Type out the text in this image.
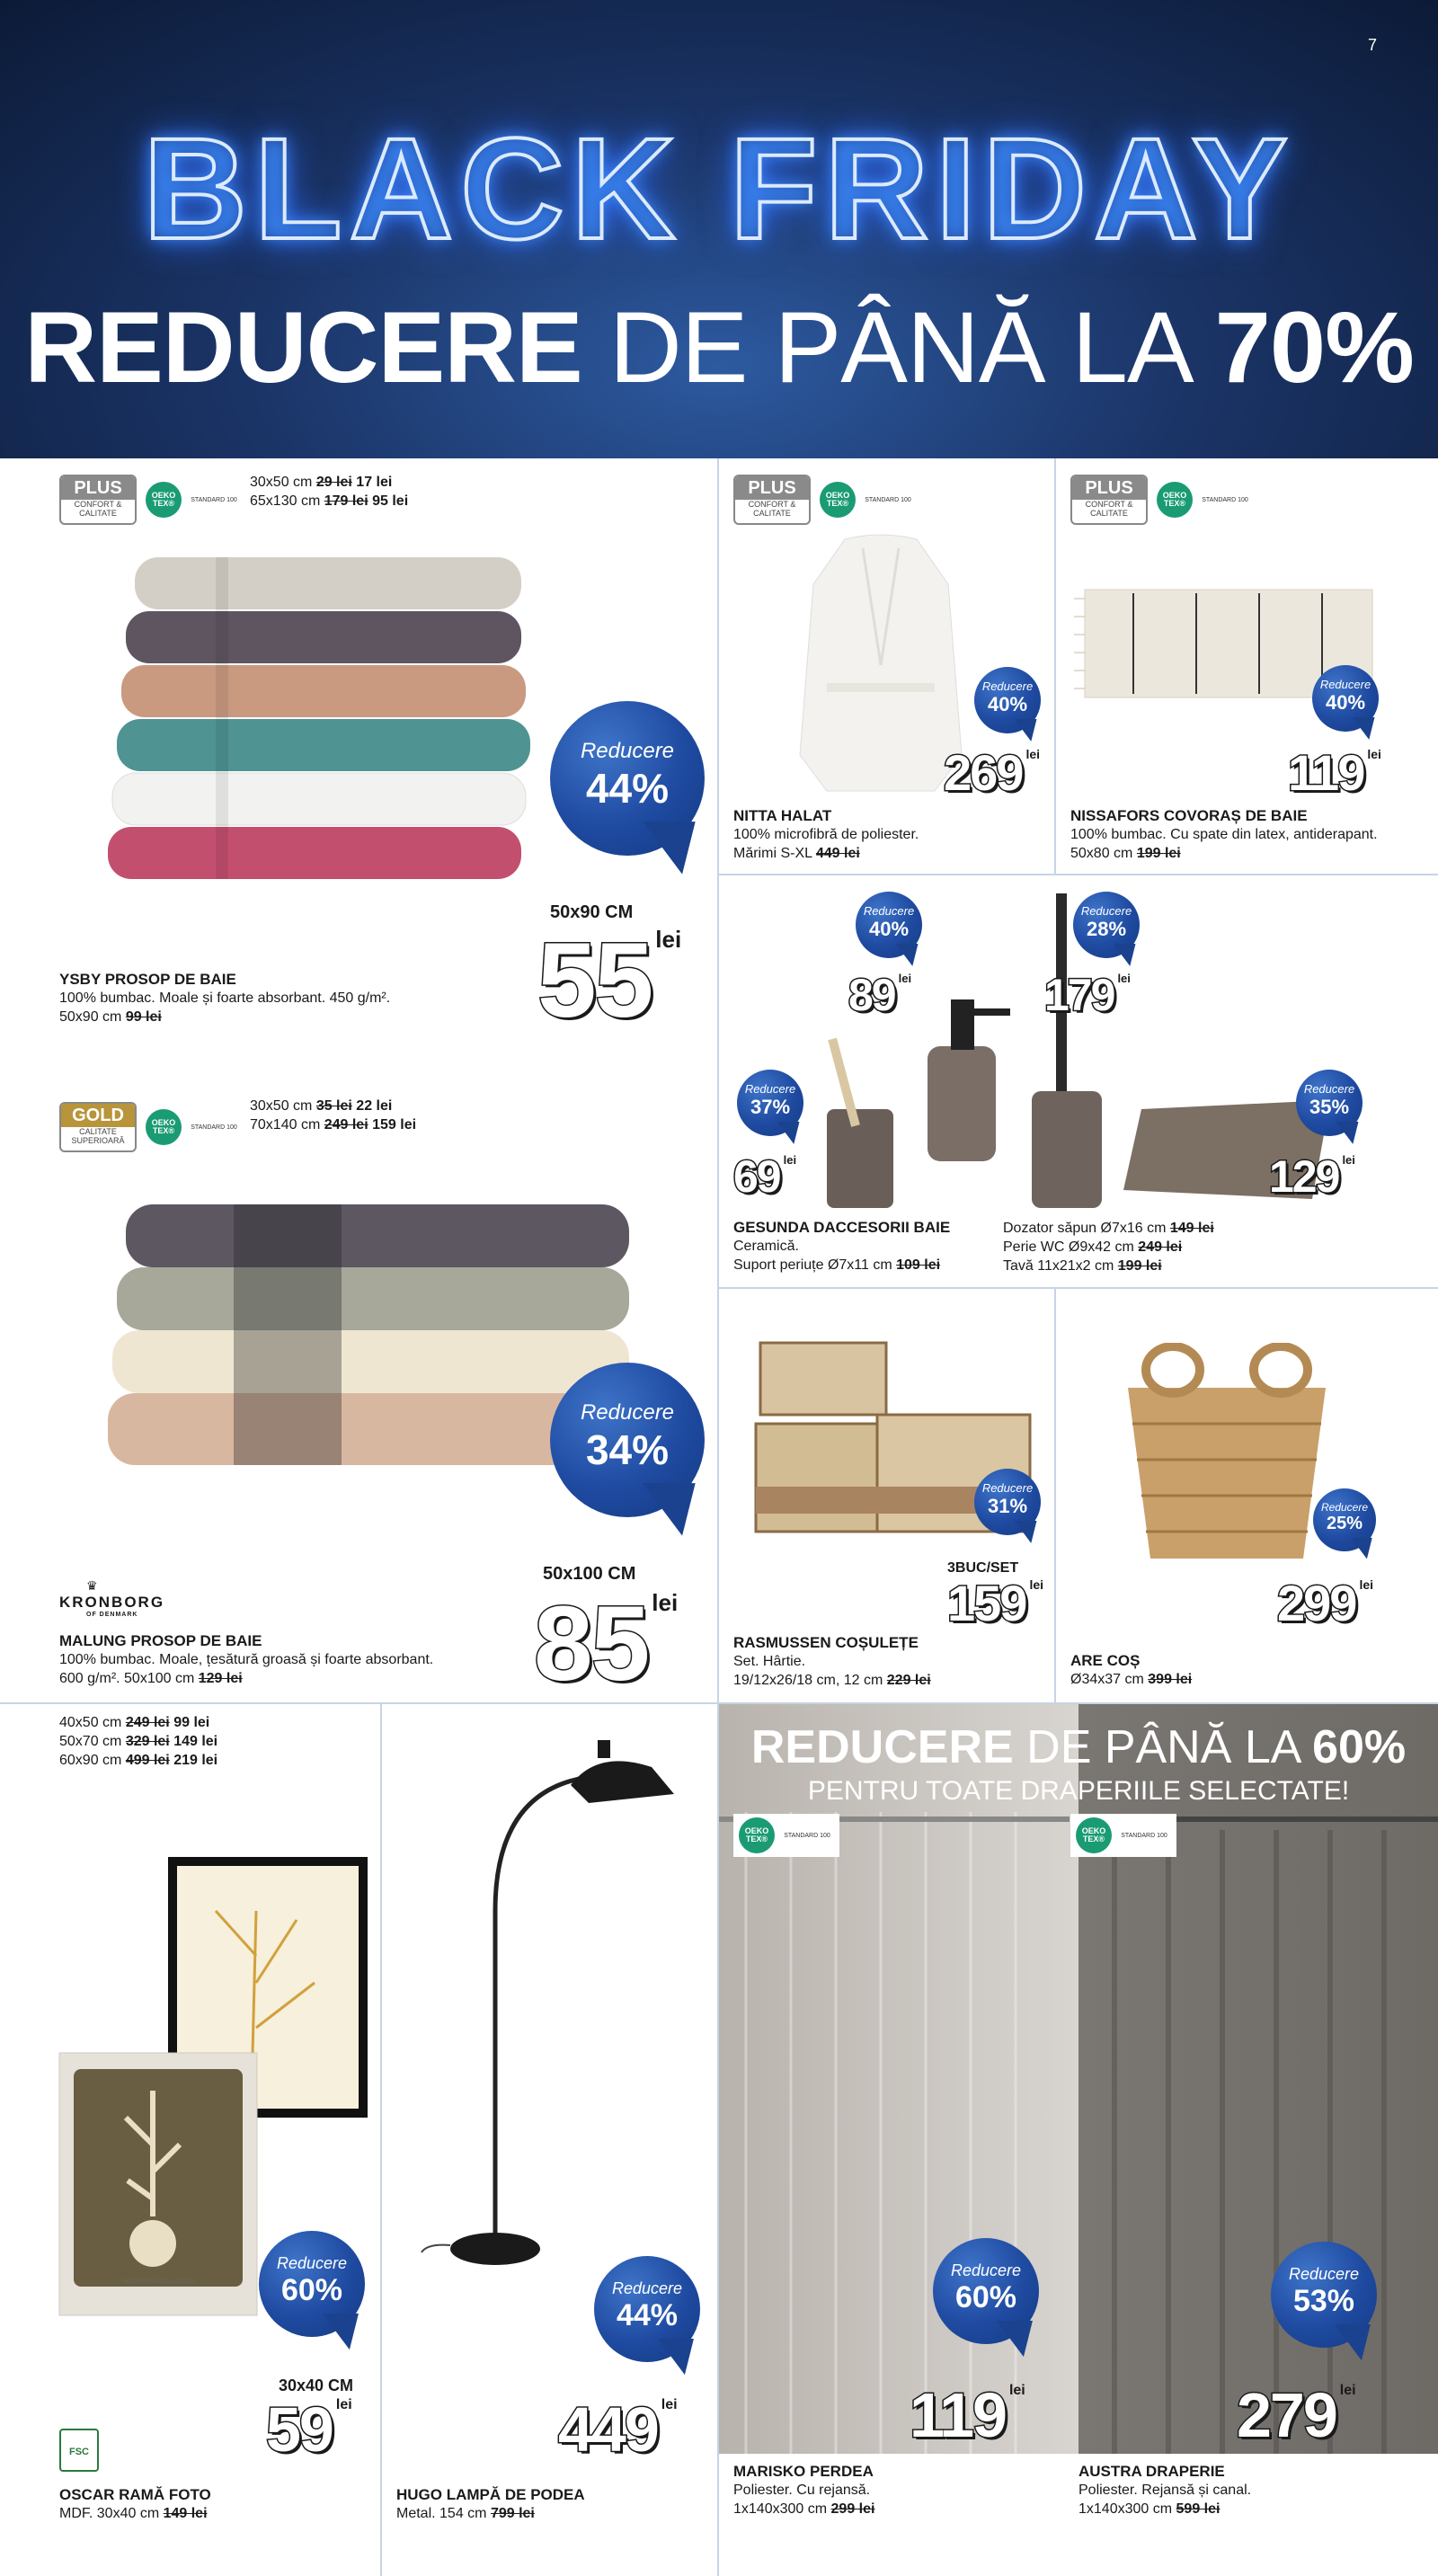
7
BLACK FRIDAY
REDUCERE DE PÂNĂ LA 70%
PLUS
CONFORT & CALITATE
OEKO TEX®	STANDARD 100
30x50 cm 29 lei 17 lei
65x130 cm 179 lei 95 lei
Reducere
44%
50x90 CM
55 $^{lei}$
YSBY PROSOP DE BAIE
100% bumbac. Moale și foarte absorbant. 450 g/m².
50x90 cm 99 lei
GOLD
CALITATE SUPERIOARĂ
OEKO TEX®	STANDARD 100
30x50 cm 35 lei 22 lei
70x140 cm 249 lei 159 lei
Reducere
34%
50x100 CM
85 $^{lei}$
♛
KRONBORG
OF DENMARK
MALUNG PROSOP DE BAIE
100% bumbac. Moale, țesătură groasă și foarte absorbant.
600 g/m². 50x100 cm 129 lei
PLUS
CONFORT & CALITATE
OEKO TEX®	STANDARD 100
Reducere
40%
269 $^{lei}$
NITTA HALAT
100% microfibră de poliester.
Mărimi S-XL 449 lei
PLUS
CONFORT & CALITATE
OEKO TEX®	STANDARD 100
Reducere
40%
119 $^{lei}$
NISSAFORS COVORAȘ DE BAIE
100% bumbac. Cu spate din latex, antiderapant.
50x80 cm 199 lei
Reducere
40%
89 $^{lei}$
Reducere
28%
179 $^{lei}$
Reducere
37%
69 $^{lei}$
Reducere
35%
129 $^{lei}$
GESUNDA DACCESORII BAIE
Ceramică.
Suport periuțe Ø7x11 cm 109 lei
Dozator săpun Ø7x16 cm 149 lei
Perie WC Ø9x42 cm 249 lei
Tavă 11x21x2 cm 199 lei
Reducere
31%
3BUC/SET
159 $^{lei}$
RASMUSSEN COȘULEȚE
Set. Hârtie.
19/12x26/18 cm, 12 cm 229 lei
Reducere
25%
299 $^{lei}$
ARE COȘ
Ø34x37 cm 399 lei
40x50 cm 249 lei 99 lei
50x70 cm 329 lei 149 lei
60x90 cm 499 lei 219 lei
THE PRINTING COLLECTION
Reducere
60%
30x40 CM
59 $^{lei}$
FSC
OSCAR RAMĂ FOTO
MDF. 30x40 cm 149 lei
Reducere
44%
449 $^{lei}$
HUGO LAMPĂ DE PODEA
Metal. 154 cm 799 lei
REDUCERE DE PÂNĂ LA 60%
PENTRU TOATE DRAPERIILE SELECTATE!
OEKO TEX®	STANDARD 100	OEKO TEX®	STANDARD 100
MARISKO PERDEA
Poliester. Cu rejansă.
1x140x300 cm 299 lei
Reducere
60%
119 $^{lei}$
AUSTRA DRAPERIE
Poliester. Rejansă și canal.
1x140x300 cm 599 lei
Reducere
53%
279 $^{lei}$
